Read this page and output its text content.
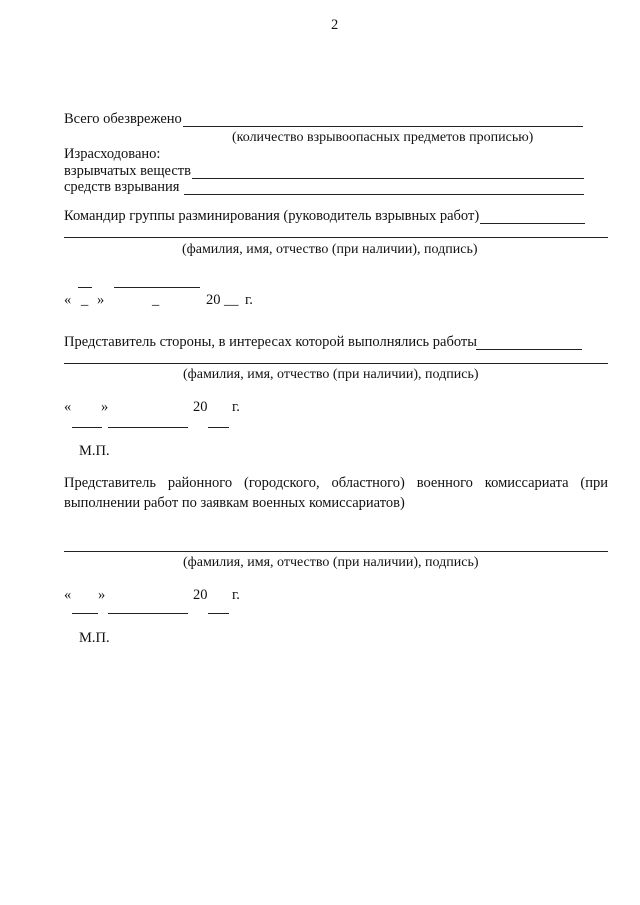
2
Всего обезврежено
(количество взрывоопасных предметов прописью)
Израсходовано:
взрывчатых веществ
средств взрывания
Командир группы разминирования (руководитель взрывных работ)
(фамилия, имя, отчество (при наличии), подпись)
« _ »	_	20 __ г.
Представитель стороны, в интересах которой выполнялись работы
(фамилия, имя, отчество (при наличии), подпись)
« »	20 г.
М.П.
Представитель районного (городского, областного) военного комиссариата (при выполнении работ по заявкам военных комиссариатов)
(фамилия, имя, отчество (при наличии), подпись)
« »	20 г.
М.П.
